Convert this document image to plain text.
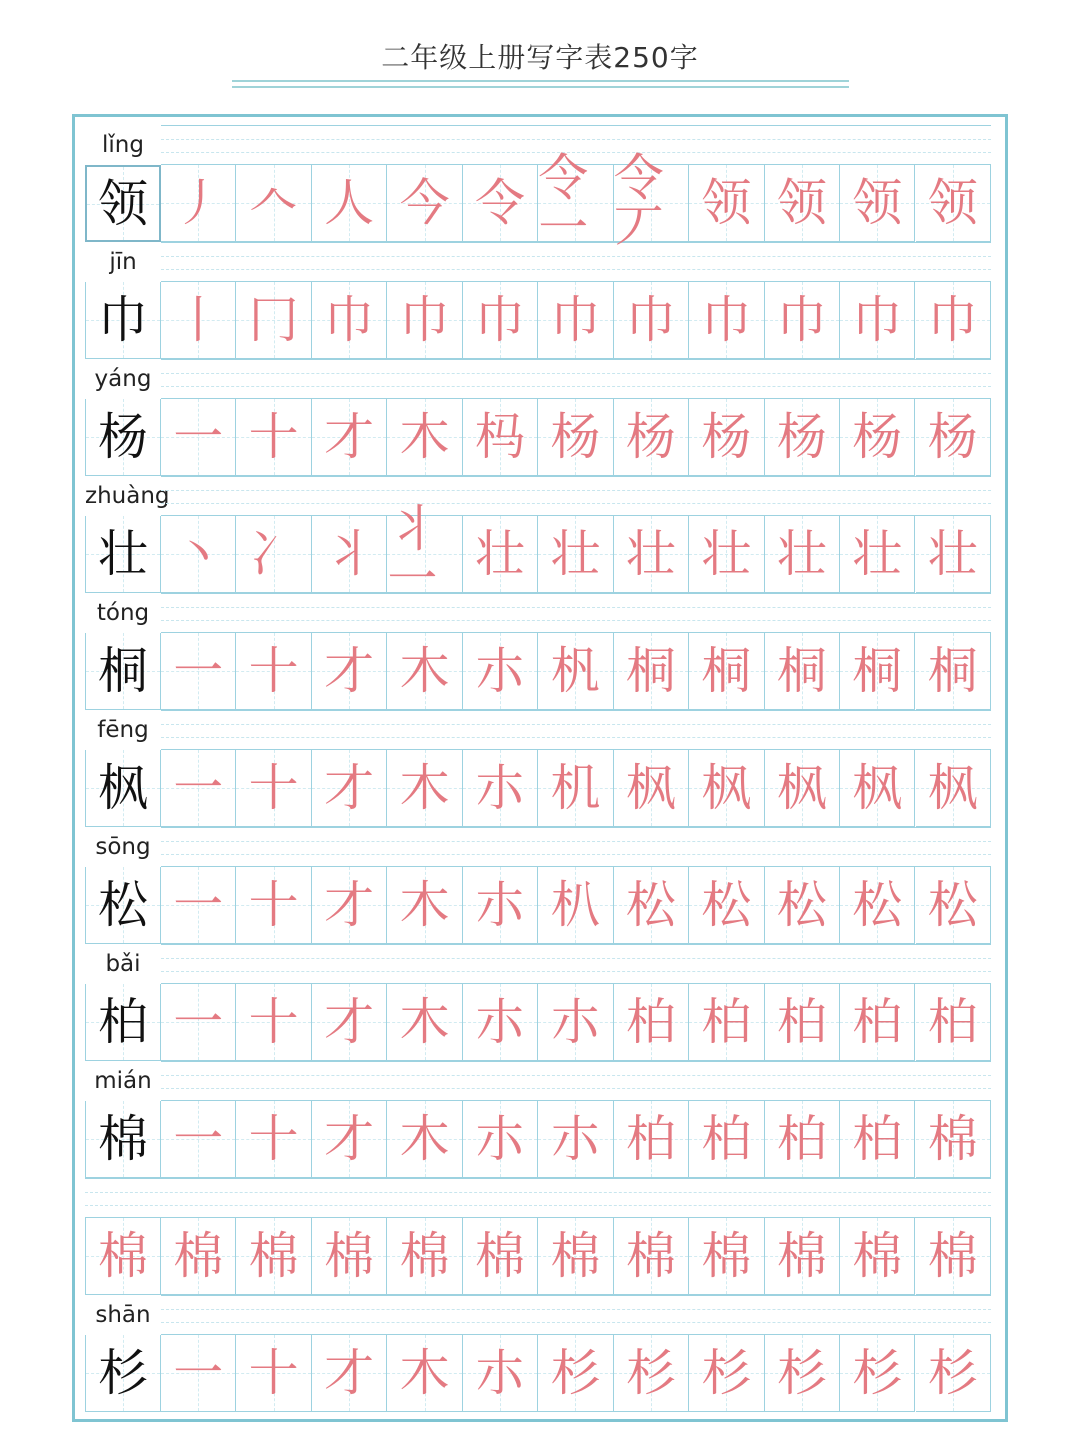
二年级上册写字表250字
lǐng
领 丿 𠆢 人 今 令 令一
令丆 领 领 领 领
jīn
巾 丨 冂 巾 巾 巾 巾 巾 巾 巾 巾 巾
yáng
杨 一 十 才 木 杩 杨 杨 杨 杨 杨 杨
zhuàng
壮 丶 冫 丬 丬一 壮 壮 壮 壮 壮 壮 壮
tóng
桐 一 十 才 木 朩 杋 桐 桐 桐 桐 桐
fēng
枫 一 十 才 木 朩 机 枫 枫 枫 枫 枫
sōng
松 一 十 才 木 朩 朳 松 松 松 松 松
bǎi
柏 一 十 才 木 朩 朩 柏 柏 柏 柏 柏
mián
棉 一 十 才 木 朩 朩 柏 柏 柏 柏 棉
棉 棉 棉 棉 棉 棉 棉 棉 棉 棉 棉 棉
shān
杉 一 十 才 木 朩 杉 杉 杉 杉 杉 杉
